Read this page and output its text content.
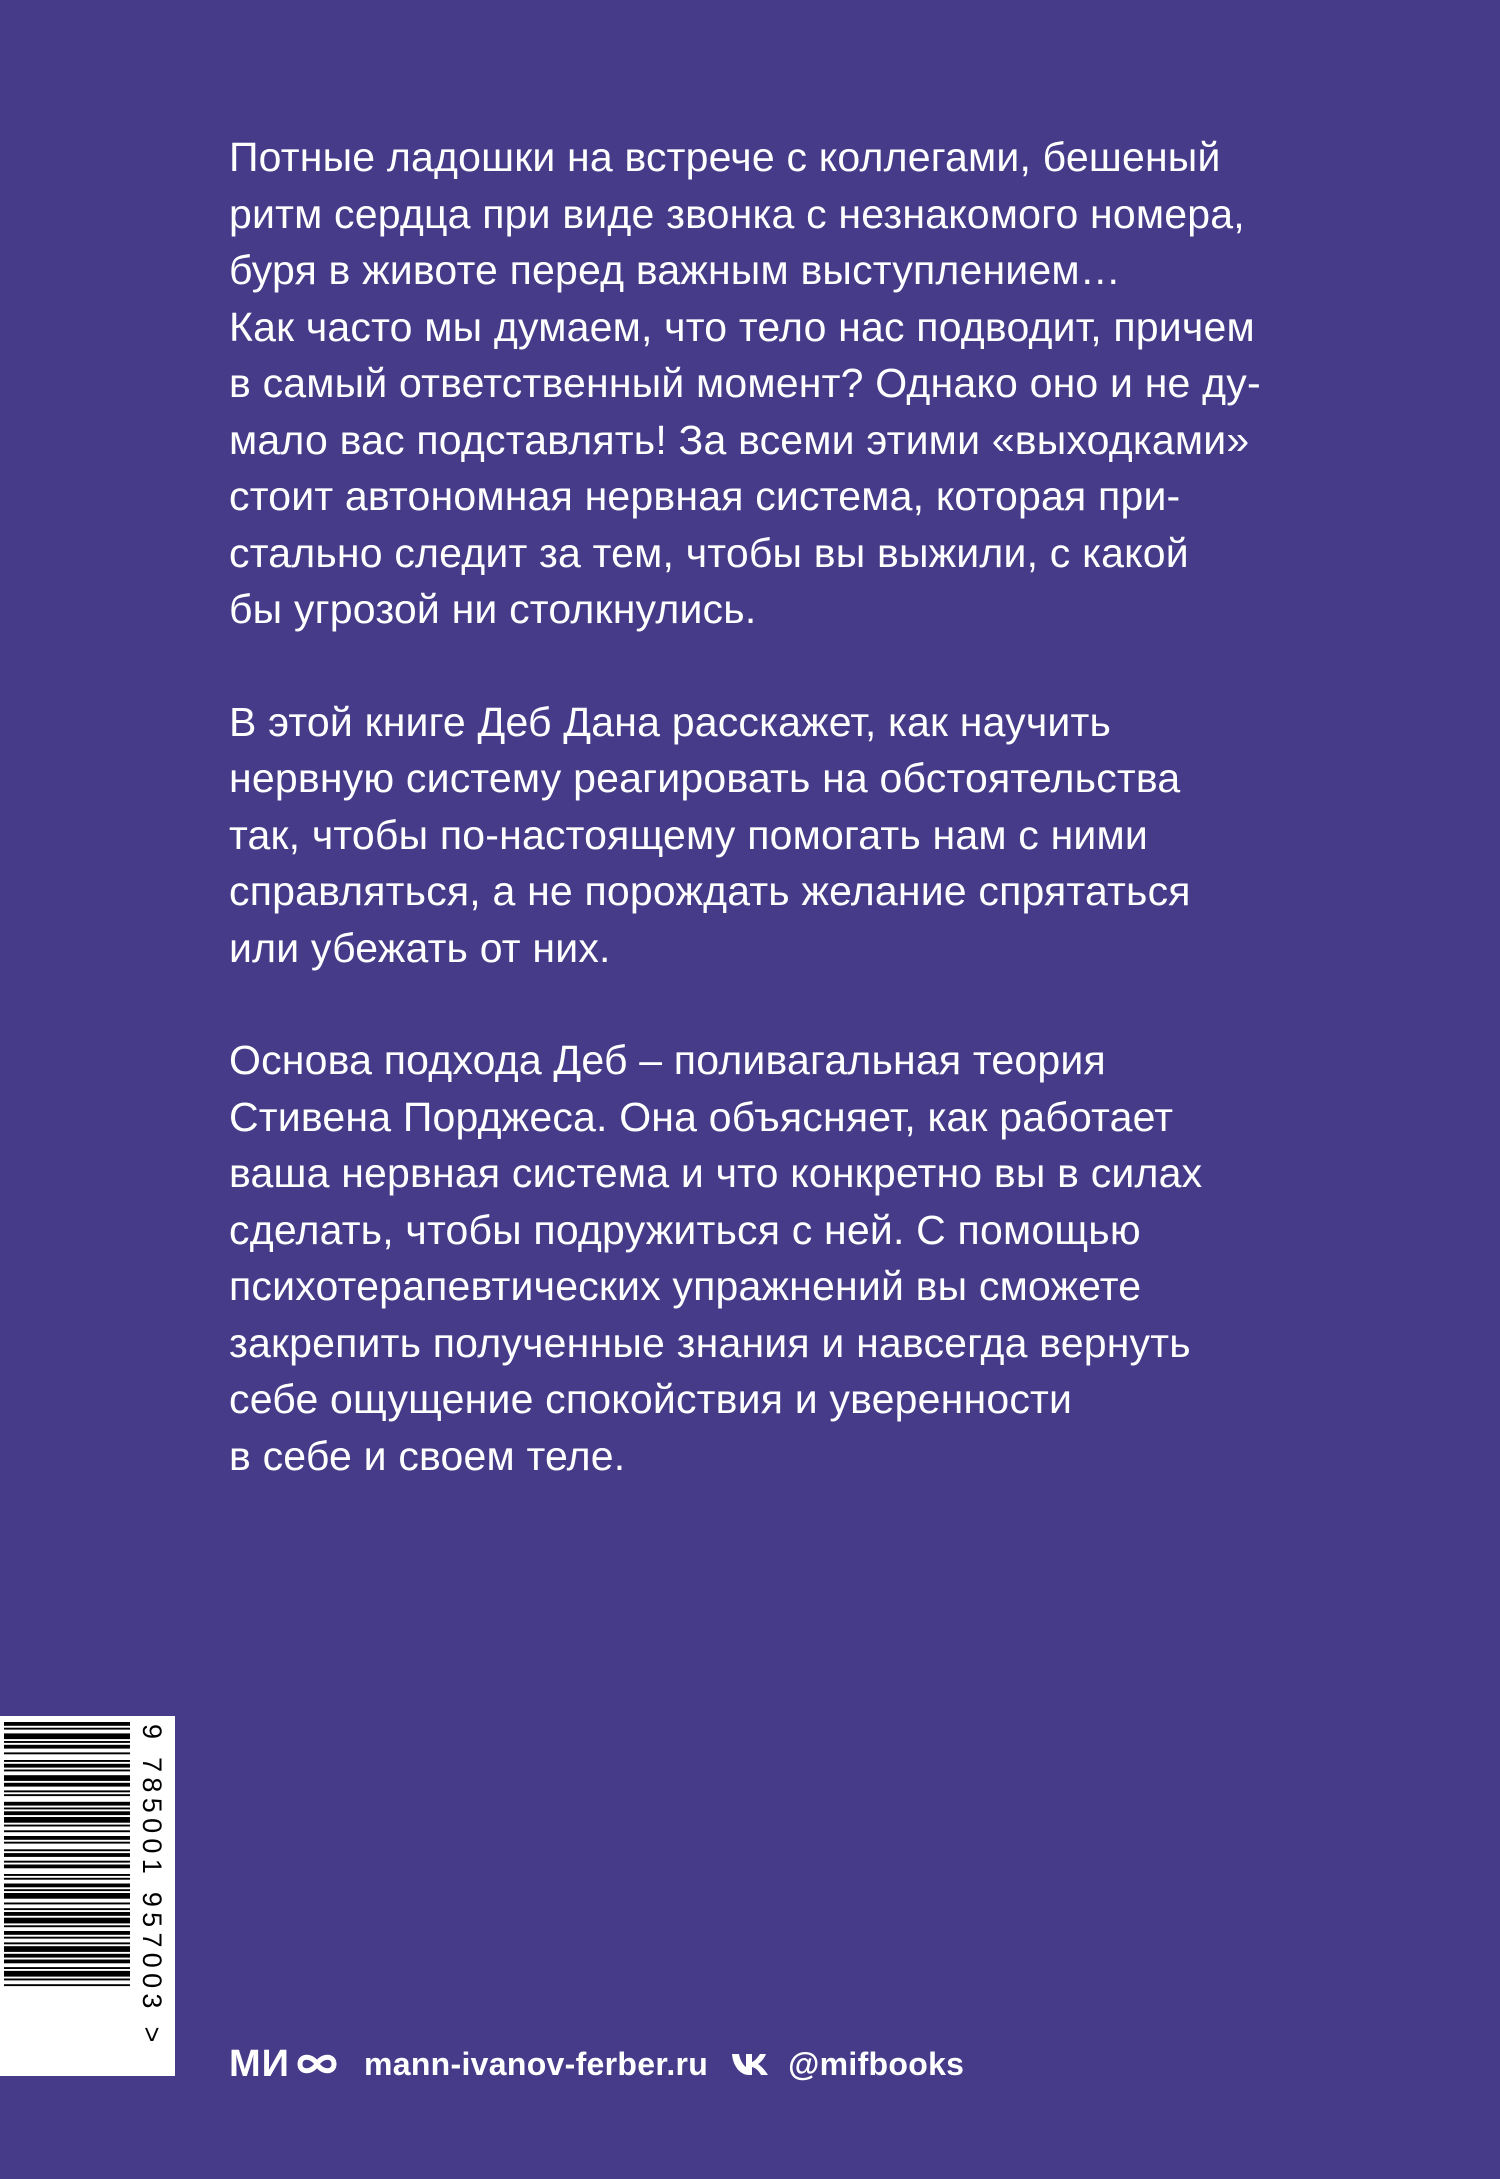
Потные ладошки на встрече с коллегами, бешеный
ритм сердца при виде звонка с незнакомого номера,
буря в животе перед важным выступлением…
Как часто мы думаем, что тело нас подводит, причем
в самый ответственный момент? Однако оно и не ду-
мало вас подставлять! За всеми этими «выходками»
стоит автономная нервная система, которая при-
стально следит за тем, чтобы вы выжили, с какой
бы угрозой ни столкнулись.

В этой книге Деб Дана расскажет, как научить
нервную систему реагировать на обстоятельства
так, чтобы по-настоящему помогать нам с ними
справляться, а не порождать желание спрятаться
или убежать от них.

Основа подхода Деб – поливагальная теория
Стивена Порджеса. Она объясняет, как работает
ваша нервная система и что конкретно вы в силах
сделать, чтобы подружиться с ней. С помощью
психотерапевтических упражнений вы сможете
закрепить полученные знания и навсегда вернуть
себе ощущение спокойствия и уверенности
в себе и своем теле.

9 785001 957003 >
МИ mann-ivanov-ferber.ru	@mifbooks
